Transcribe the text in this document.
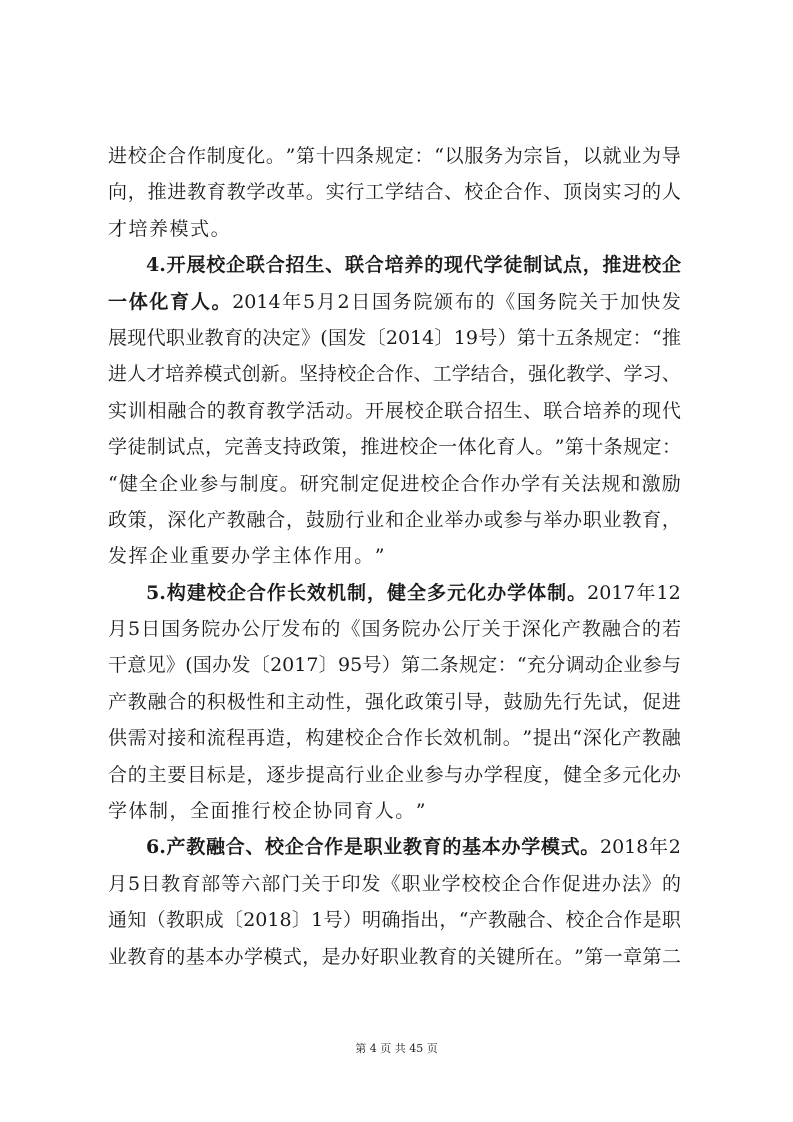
进 校 企 合 作 制 度 化 。 ” 第 十 四 条 规 定 ： “ 以 服 务 为 宗 旨 ， 以 就 业 为 导
向 ， 推 进 教 育 教 学 改 革 。 实 行 工 学 结 合 、 校 企 合 作 、 顶 岗 实 习 的 人
才 培 养 模 式 。
4. 开 展 校 企 联 合 招 生 、 联 合 培 养 的 现 代 学 徒 制 试 点 ， 推 进 校 企
一 体 化 育 人 。 2014 年 5 月 2 日 国 务 院 颁 布 的 《 国 务 院 关 于 加 快 发
展 现 代 职 业 教 育 的 决 定 》 ( 国 发 〔 2014 〕 19 号 ） 第 十 五 条 规 定 ： “ 推
进 人 才 培 养 模 式 创 新 。 坚 持 校 企 合 作 、 工 学 结 合 ， 强 化 教 学 、 学 习 、
实 训 相 融 合 的 教 育 教 学 活 动 。 开 展 校 企 联 合 招 生 、 联 合 培 养 的 现 代
学 徒 制 试 点 ， 完 善 支 持 政 策 ， 推 进 校 企 一 体 化 育 人 。 ” 第 十 条 规 定 ：
“ 健 全 企 业 参 与 制 度 。 研 究 制 定 促 进 校 企 合 作 办 学 有 关 法 规 和 激 励
政 策 ， 深 化 产 教 融 合 ， 鼓 励 行 业 和 企 业 举 办 或 参 与 举 办 职 业 教 育 ，
发 挥 企 业 重 要 办 学 主 体 作 用 。 ”
5. 构 建 校 企 合 作 长 效 机 制 ， 健 全 多 元 化 办 学 体 制 。 2017 年 12
月 5 日 国 务 院 办 公 厅 发 布 的 《 国 务 院 办 公 厅 关 于 深 化 产 教 融 合 的 若
干 意 见 》 ( 国 办 发 〔 2017 〕 95 号 ） 第 二 条 规 定 ： “ 充 分 调 动 企 业 参 与
产 教 融 合 的 积 极 性 和 主 动 性 ， 强 化 政 策 引 导 ， 鼓 励 先 行 先 试 ， 促 进
供 需 对 接 和 流 程 再 造 ， 构 建 校 企 合 作 长 效 机 制 。 ” 提 出 “ 深 化 产 教 融
合 的 主 要 目 标 是 ， 逐 步 提 高 行 业 企 业 参 与 办 学 程 度 ， 健 全 多 元 化 办
学 体 制 ， 全 面 推 行 校 企 协 同 育 人 。 ”
6. 产 教 融 合 、 校 企 合 作 是 职 业 教 育 的 基 本 办 学 模 式 。 2018 年 2
月 5 日 教 育 部 等 六 部 门 关 于 印 发 《 职 业 学 校 校 企 合 作 促 进 办 法 》 的
通 知 （ 教 职 成 〔 2018 〕 1 号 ） 明 确 指 出 ， “ 产 教 融 合 、 校 企 合 作 是 职
业 教 育 的 基 本 办 学 模 式 ， 是 办 好 职 业 教 育 的 关 键 所 在 。 ” 第 一 章 第 二
第 4 页 共 45 页
